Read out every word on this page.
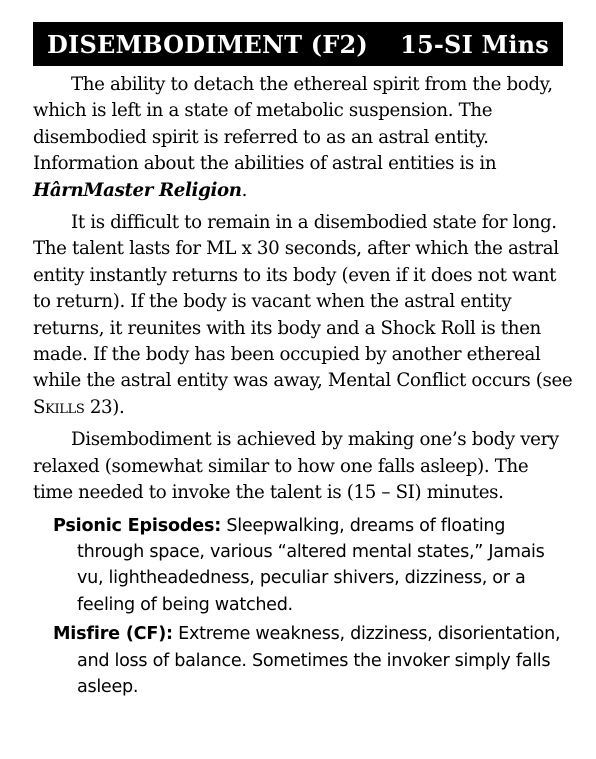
DISEMBODIMENT (F2) 15-SI Mins

The ability to detach the ethereal spirit from the body, which is left in a state of metabolic suspension. The disembodied spirit is referred to as an astral entity. Information about the abilities of astral entities is in HârnMaster Religion.

It is difficult to remain in a disembodied state for long. The talent lasts for ML x 30 seconds, after which the astral entity instantly returns to its body (even if it does not want to return). If the body is vacant when the astral entity returns, it reunites with its body and a Shock Roll is then made. If the body has been occupied by another ethereal while the astral entity was away, Mental Conflict occurs (see Skills 23).

Disembodiment is achieved by making one’s body very relaxed (somewhat similar to how one falls asleep). The time needed to invoke the talent is (15 – SI) minutes.

Psionic Episodes: Sleepwalking, dreams of floating through space, various “altered mental states,” Jamais vu, lightheadedness, peculiar shivers, dizziness, or a feeling of being watched.

Misfire (CF): Extreme weakness, dizziness, disorientation, and loss of balance. Sometimes the invoker simply falls asleep.
